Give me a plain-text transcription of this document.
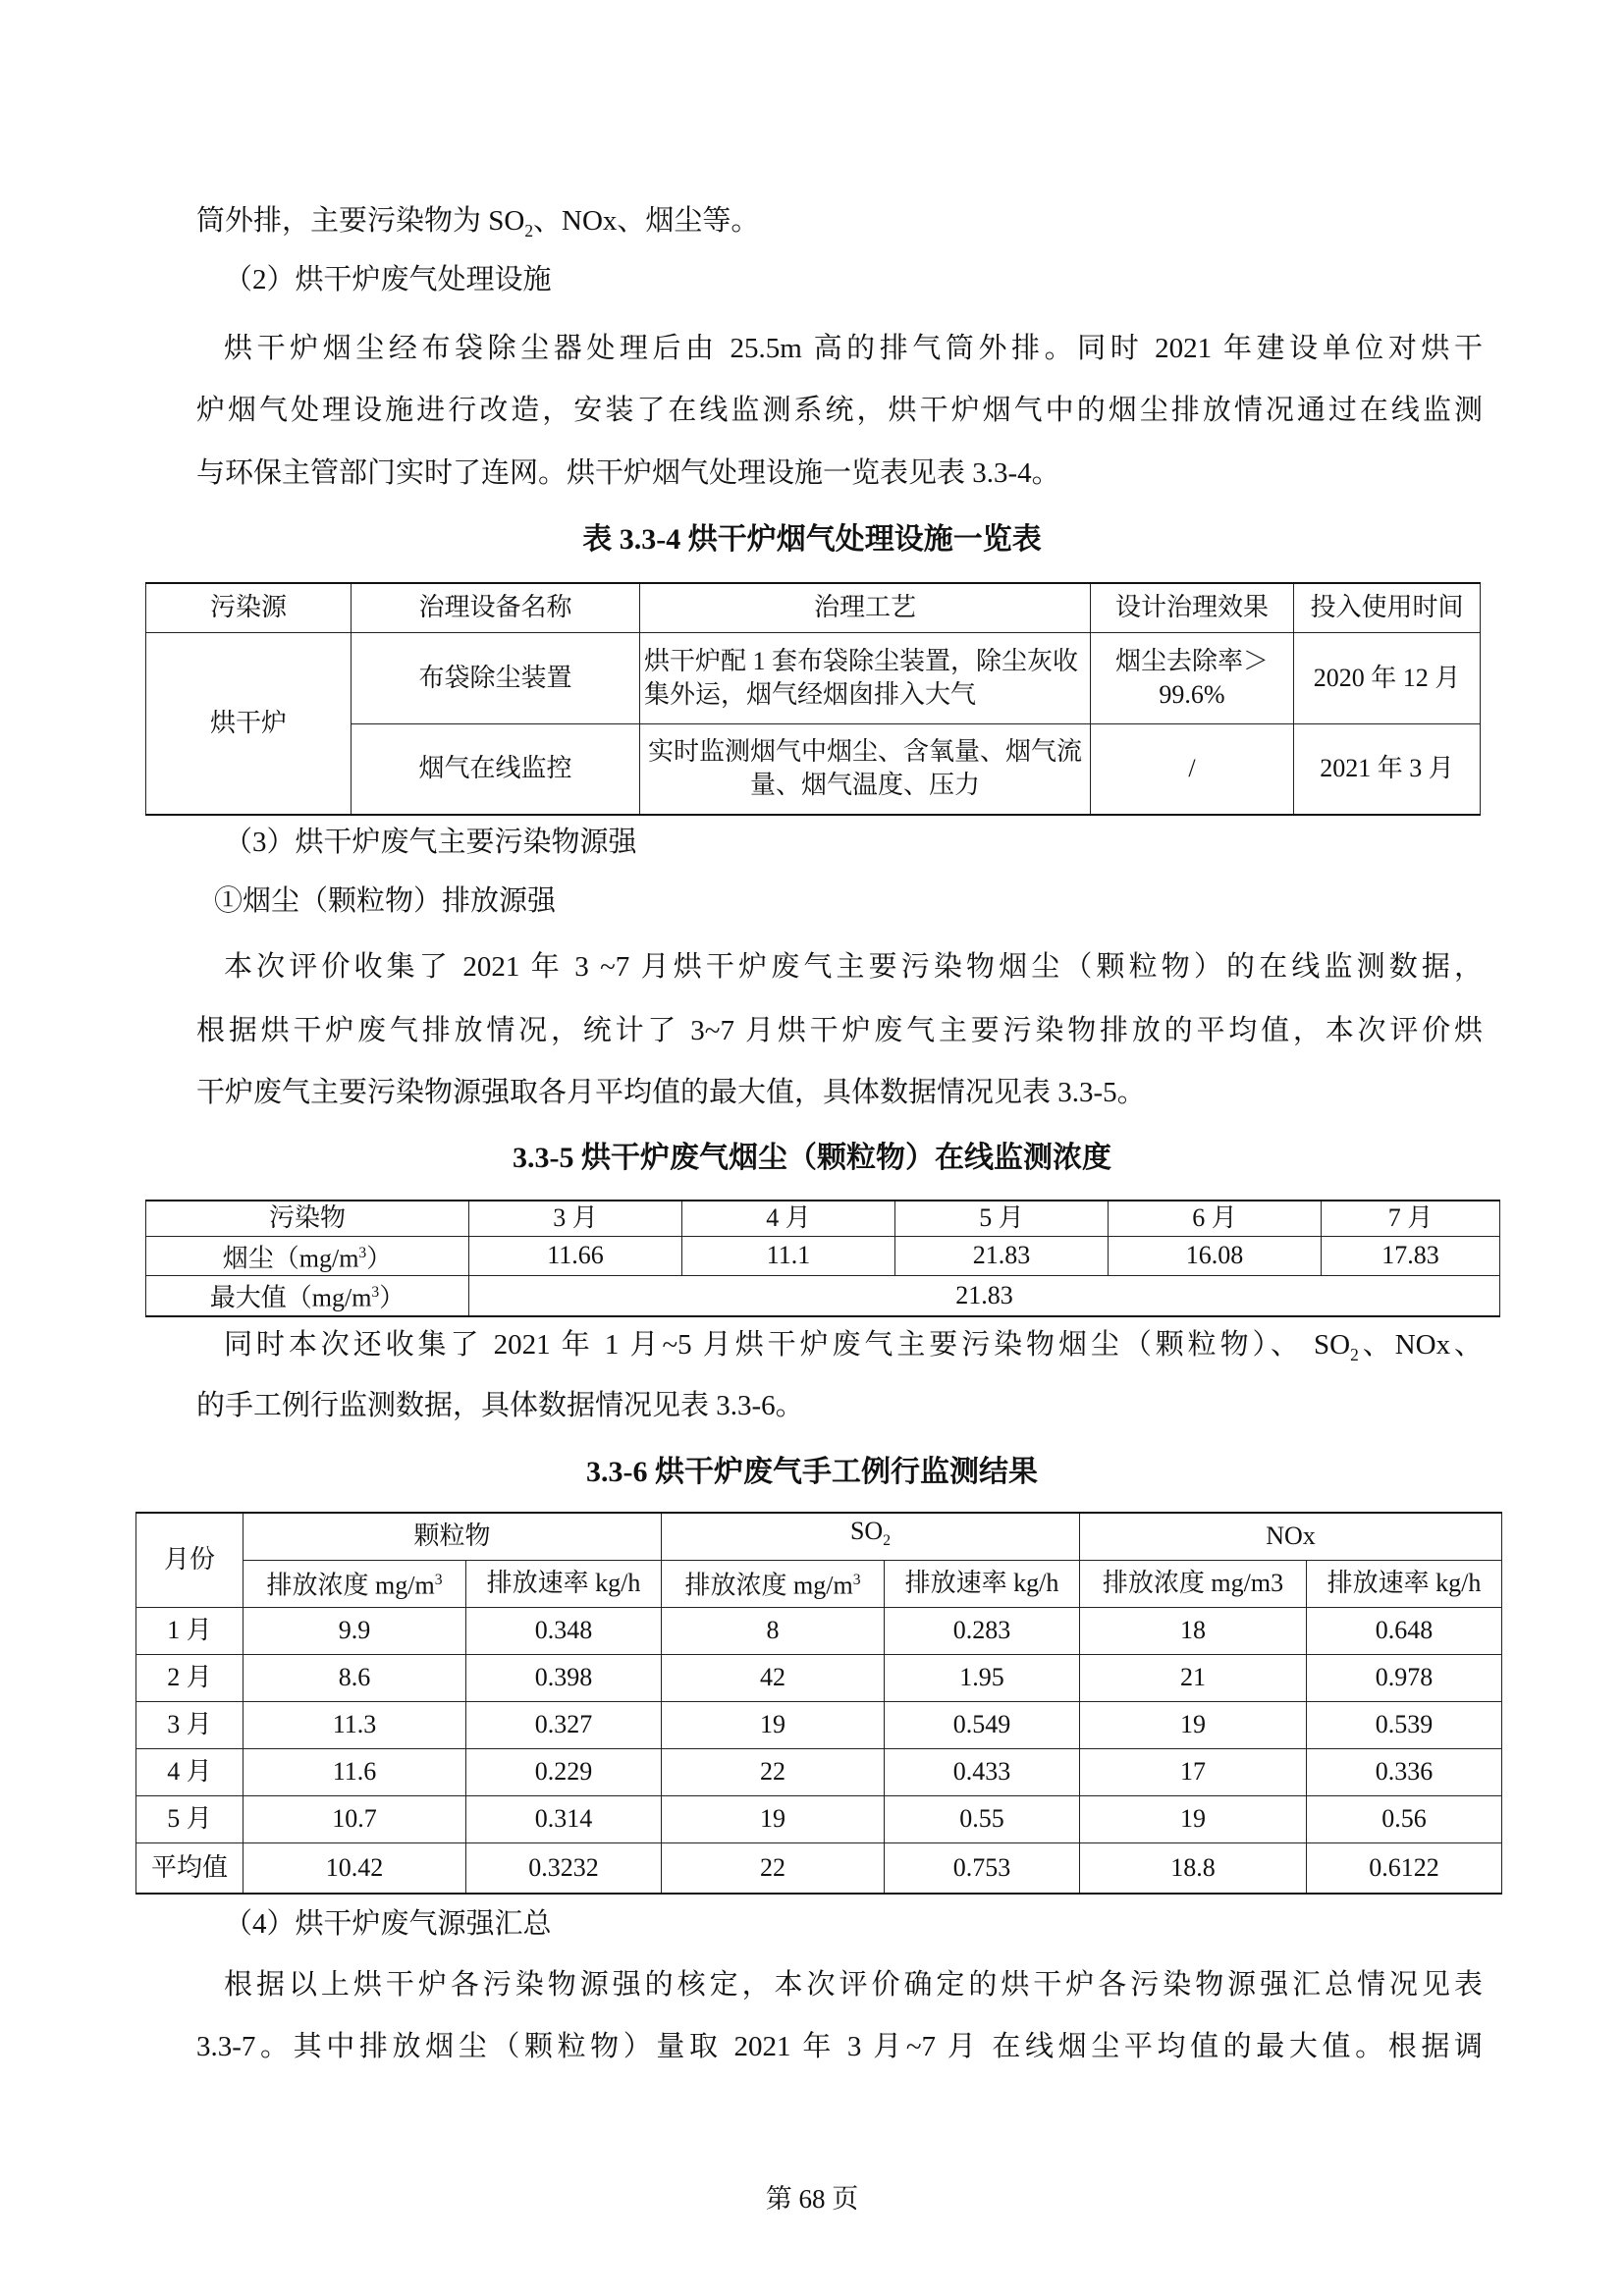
筒外排，主要污染物为 $SO_2$、NOx、烟尘等。
（2）烘干炉废气处理设施
烘干炉烟尘经布袋除尘器处理后由 25.5m 高的排气筒外排。同时 2021 年建设单位对烘干
炉烟气处理设施进行改造，安装了在线监测系统，烘干炉烟气中的烟尘排放情况通过在线监测
与环保主管部门实时了连网。烘干炉烟气处理设施一览表见表 3.3-4。
表 3.3-4 烘干炉烟气处理设施一览表
污染源	治理设备名称	治理工艺	设计治理效果	投入使用时间
烘干炉	布袋除尘装置	烘干炉配 1 套布袋除尘装置，除尘灰收集外运，烟气经烟囱排入大气	烟尘去除率＞99.6%	2020 年 12 月
	烟气在线监控	实时监测烟气中烟尘、含氧量、烟气流量、烟气温度、压力	/	2021 年 3 月
（3）烘干炉废气主要污染物源强
①烟尘（颗粒物）排放源强
本次评价收集了 2021 年 3 ~7 月烘干炉废气主要污染物烟尘（颗粒物）的在线监测数据，
根据烘干炉废气排放情况，统计了 3~7 月烘干炉废气主要污染物排放的平均值，本次评价烘
干炉废气主要污染物源强取各月平均值的最大值，具体数据情况见表 3.3-5。
3.3-5 烘干炉废气烟尘（颗粒物）在线监测浓度
污染物	3 月	4 月	5 月	6 月	7 月
烟尘$(mg/m^3)$	11.66	11.1	21.83	16.08	17.83
最大值$(mg/m^3)$	21.83				
同时本次还收集了 2021 年 1 月~5 月烘干炉废气主要污染物烟尘（颗粒物）、 $SO_2$、NOx、
的手工例行监测数据，具体数据情况见表 3.3-6。
3.3-6 烘干炉废气手工例行监测结果
月份	颗粒物		$SO_2$		NOx	
	排放浓度 $mg/m^3$	排放速率 kg/h	排放浓度 $mg/m^3$	排放速率 kg/h	排放浓度 mg/m3	排放速率 kg/h
1 月	9.9	0.348	8	0.283	18	0.648
2 月	8.6	0.398	42	1.95	21	0.978
3 月	11.3	0.327	19	0.549	19	0.539
4 月	11.6	0.229	22	0.433	17	0.336
5 月	10.7	0.314	19	0.55	19	0.56
平均值	10.42	0.3232	22	0.753	18.8	0.6122
（4）烘干炉废气源强汇总
根据以上烘干炉各污染物源强的核定，本次评价确定的烘干炉各污染物源强汇总情况见表
3.3-7。其中排放烟尘（颗粒物）量取 2021 年 3 月~7 月 在线烟尘平均值的最大值。根据调
第 68 页
